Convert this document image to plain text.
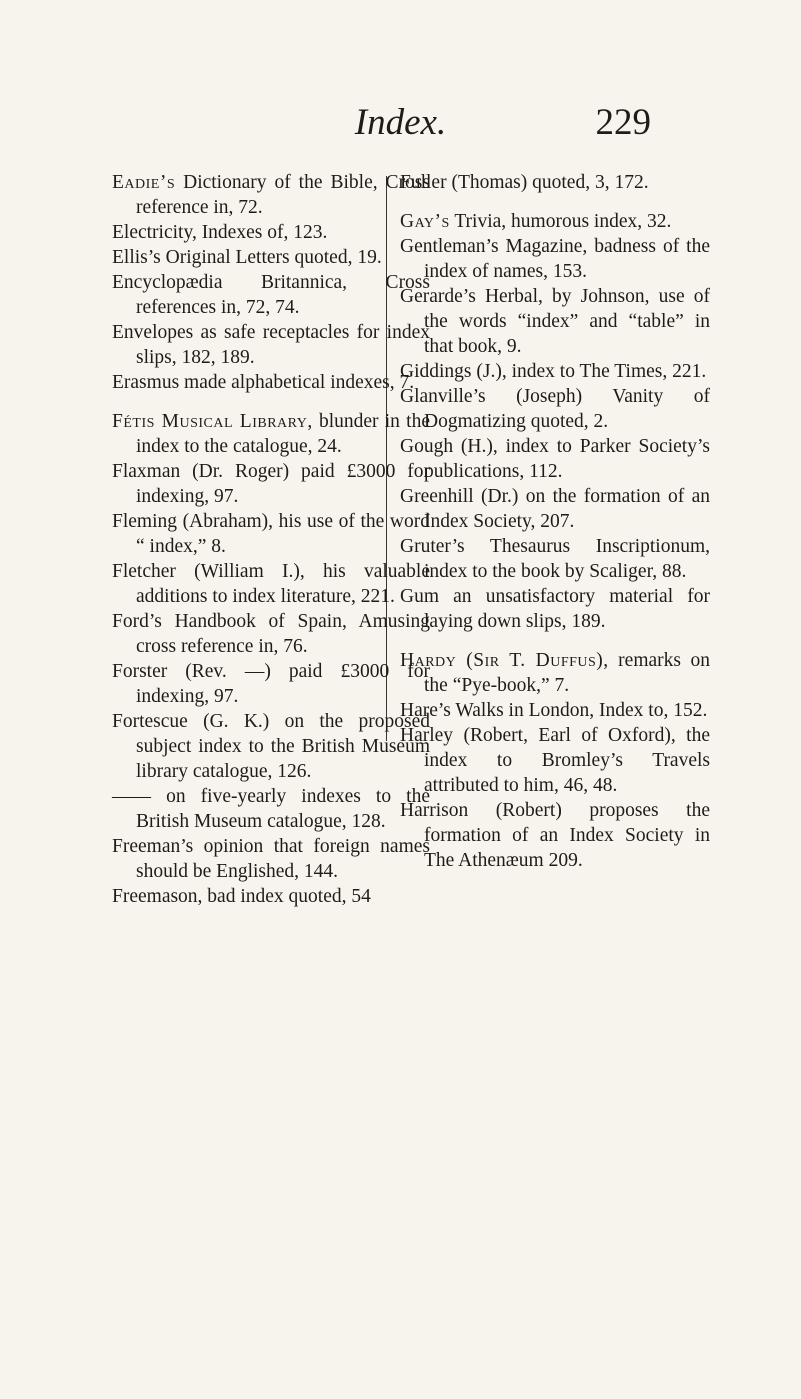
Index.	229

Eadie’s Dictionary of the Bible, Cross reference in, 72.

Electricity, Indexes of, 123.

Ellis’s Original Letters quoted, 19.

Encyclopædia Britannica, Cross references in, 72, 74.

Envelopes as safe receptacles for index slips, 182, 189.

Erasmus made alphabetical indexes, 7.

Fétis Musical Library, blunder in the index to the catalogue, 24.

Flaxman (Dr. Roger) paid £3000 for indexing, 97.

Fleming (Abraham), his use of the word “ index,” 8.

Fletcher (William I.), his valuable additions to index literature, 221.

Ford’s Handbook of Spain, Amusing cross reference in, 76.

Forster (Rev. —) paid £3000 for indexing, 97.

Fortescue (G. K.) on the proposed subject index to the British Museum library catalogue, 126.

—— on five-yearly indexes to the British Museum catalogue, 128.

Freeman’s opinion that foreign names should be Englished, 144.

Freemason, bad index quoted, 54

Fuller (Thomas) quoted, 3, 172.

Gay’s Trivia, humorous index, 32.

Gentleman’s Magazine, badness of the index of names, 153.

Gerarde’s Herbal, by Johnson, use of the words “index” and “table” in that book, 9.

Giddings (J.), index to The Times, 221.

Glanville’s (Joseph) Vanity of Dogmatizing quoted, 2.

Gough (H.), index to Parker Society’s publications, 112.

Greenhill (Dr.) on the formation of an Index Society, 207.

Gruter’s Thesaurus Inscriptionum, index to the book by Scaliger, 88.

Gum an unsatisfactory material for laying down slips, 189.

Hardy (Sir T. Duffus), remarks on the “Pye-book,” 7.

Hare’s Walks in London, Index to, 152.

Harley (Robert, Earl of Oxford), the index to Bromley’s Travels attributed to him, 46, 48.

Harrison (Robert) proposes the formation of an Index Society in The Athenæum 209.
